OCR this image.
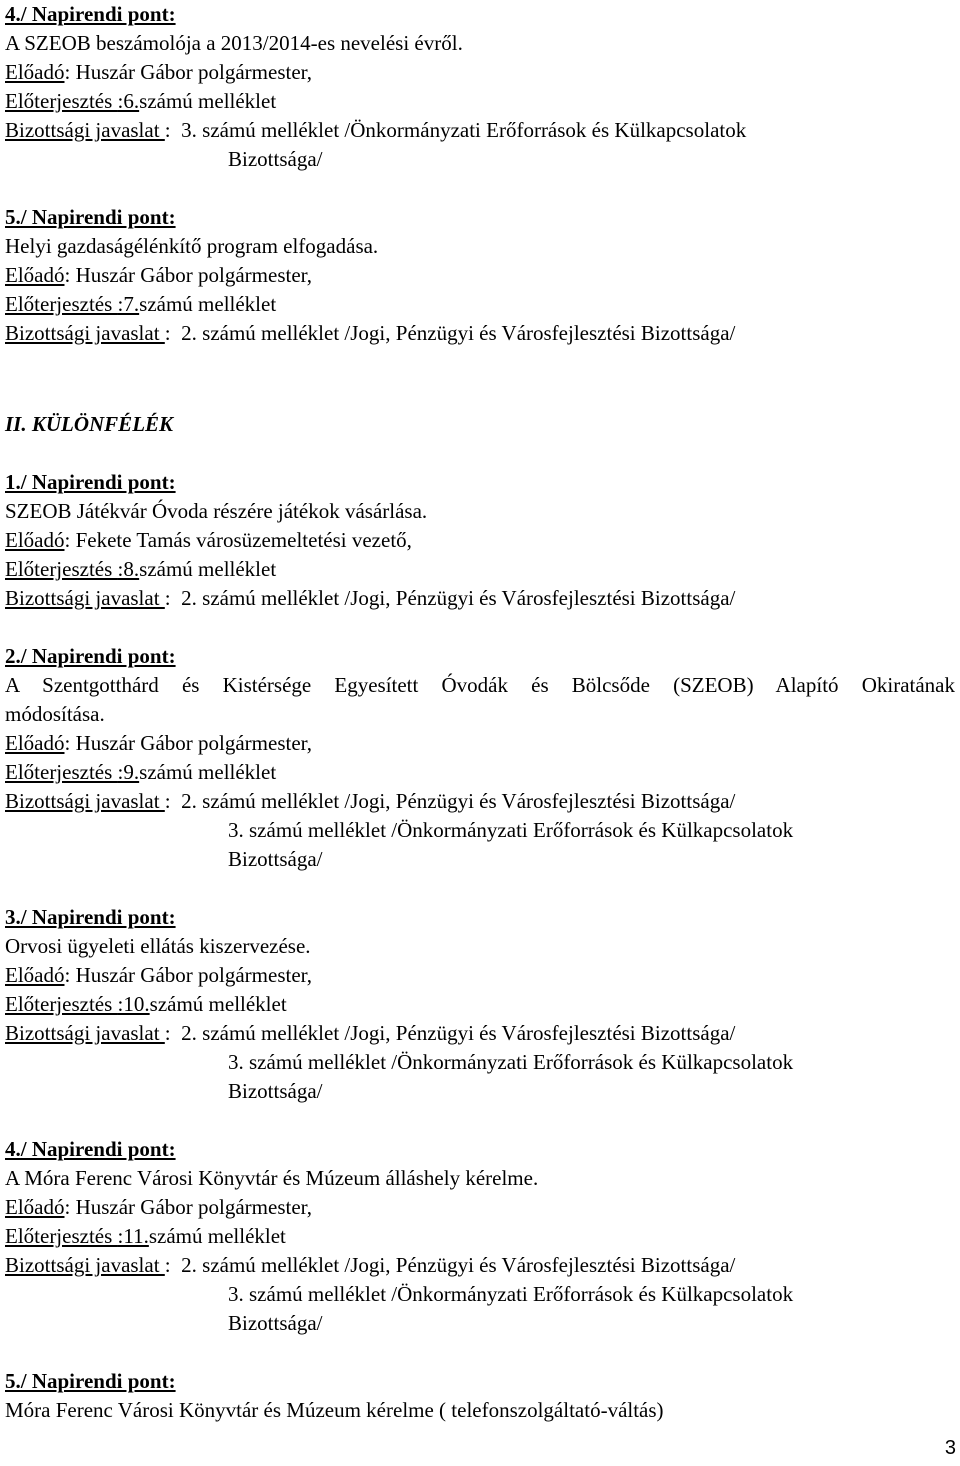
4./ Napirendi pont:
A SZEOB beszámolója a 2013/2014-es nevelési évről.
Előadó: Huszár Gábor polgármester,
Előterjesztés :6.számú melléklet
Bizottsági javaslat :  3. számú melléklet /Önkormányzati Erőforrások és Külkapcsolatok
Bizottsága/
5./ Napirendi pont:
Helyi gazdaságélénkítő program elfogadása.
Előadó: Huszár Gábor polgármester,
Előterjesztés :7.számú melléklet
Bizottsági javaslat :  2. számú melléklet /Jogi, Pénzügyi és Városfejlesztési Bizottsága/
II. KÜLÖNFÉLÉK
1./ Napirendi pont:
SZEOB Játékvár Óvoda részére játékok vásárlása.
Előadó: Fekete Tamás városüzemeltetési vezető,
Előterjesztés :8.számú melléklet
Bizottsági javaslat :  2. számú melléklet /Jogi, Pénzügyi és Városfejlesztési Bizottsága/
2./ Napirendi pont:
A Szentgotthárd és Kistérsége Egyesített Óvodák és Bölcsőde (SZEOB) Alapító Okiratának
módosítása.
Előadó: Huszár Gábor polgármester,
Előterjesztés :9.számú melléklet
Bizottsági javaslat :  2. számú melléklet /Jogi, Pénzügyi és Városfejlesztési Bizottsága/
3. számú melléklet /Önkormányzati Erőforrások és Külkapcsolatok
Bizottsága/
3./ Napirendi pont:
Orvosi ügyeleti ellátás kiszervezése.
Előadó: Huszár Gábor polgármester,
Előterjesztés :10.számú melléklet
Bizottsági javaslat :  2. számú melléklet /Jogi, Pénzügyi és Városfejlesztési Bizottsága/
3. számú melléklet /Önkormányzati Erőforrások és Külkapcsolatok
Bizottsága/
4./ Napirendi pont:
A Móra Ferenc Városi Könyvtár és Múzeum álláshely kérelme.
Előadó: Huszár Gábor polgármester,
Előterjesztés :11.számú melléklet
Bizottsági javaslat :  2. számú melléklet /Jogi, Pénzügyi és Városfejlesztési Bizottsága/
3. számú melléklet /Önkormányzati Erőforrások és Külkapcsolatok
Bizottsága/
5./ Napirendi pont:
Móra Ferenc Városi Könyvtár és Múzeum kérelme ( telefonszolgáltató-váltás)
3
